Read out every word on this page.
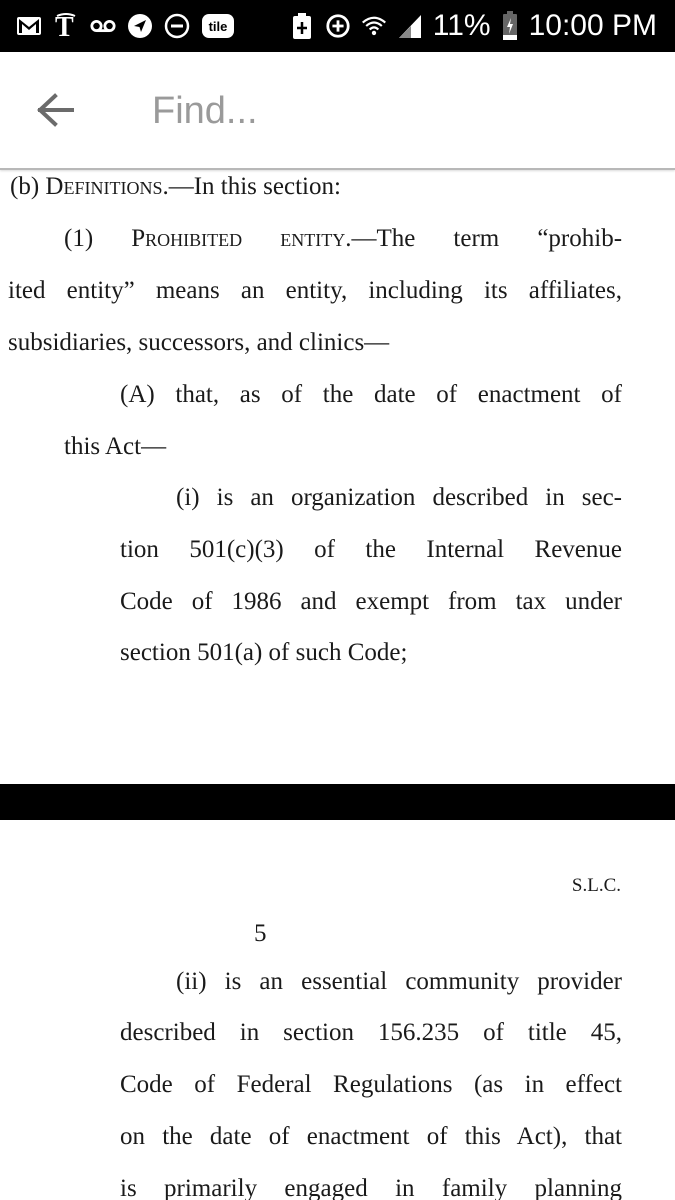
T	tile	11% 10:00 PM
Find...
(b) Definitions.—In this section:
(1) Prohibited entity.—The term “prohib-
ited entity” means an entity, including its affiliates,
subsidiaries, successors, and clinics—
(A) that, as of the date of enactment of
this Act—
(i) is an organization described in sec-
tion 501(c)(3) of the Internal Revenue
Code of 1986 and exempt from tax under
section 501(a) of such Code;
S.L.C.
5
(ii) is an essential community provider
described in section 156.235 of title 45,
Code of Federal Regulations (as in effect
on the date of enactment of this Act), that
is primarily engaged in family planning
